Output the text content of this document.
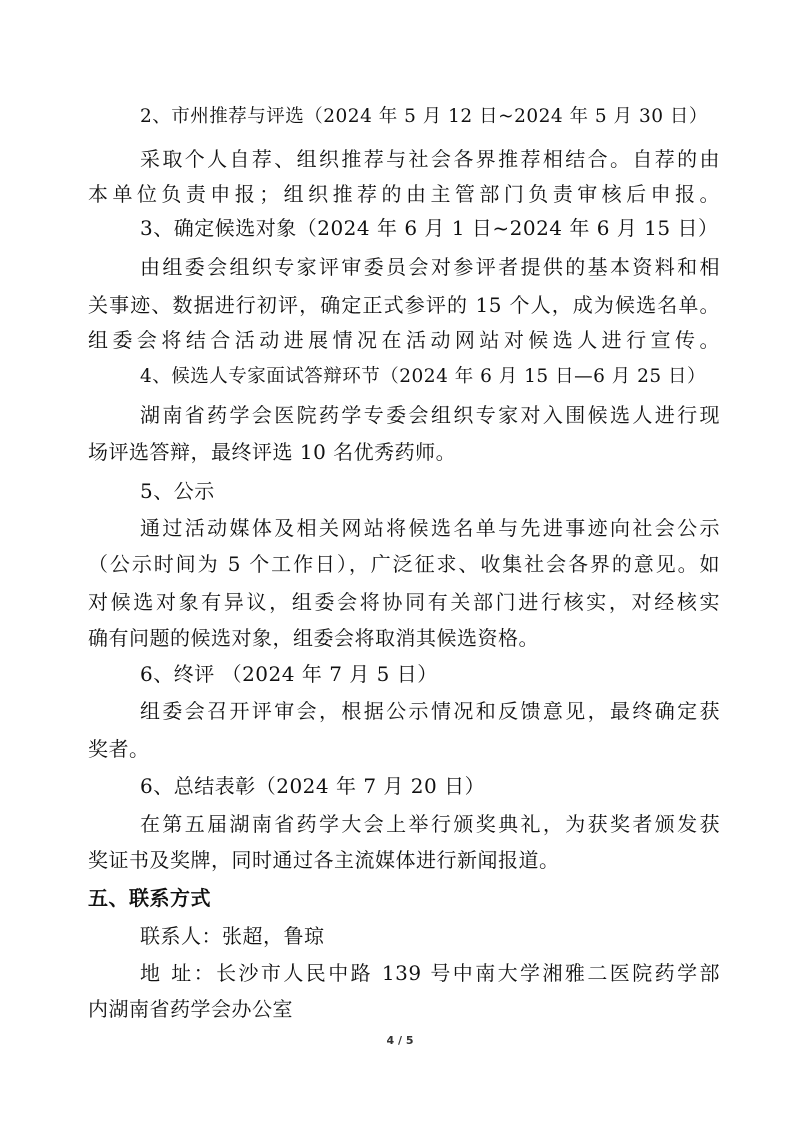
2、市州推荐与评选（2024 年 5 月 12 日~2024 年 5 月 30 日）
采取个人自荐、组织推荐与社会各界推荐相结合。自荐的由
本单位负责申报；组织推荐的由主管部门负责审核后申报。
3、确定候选对象（2024 年 6 月 1 日~2024 年 6 月 15 日）
由组委会组织专家评审委员会对参评者提供的基本资料和相
关事迹、数据进行初评，确定正式参评的 15 个人，成为候选名单。
组委会将结合活动进展情况在活动网站对候选人进行宣传。
4、候选人专家面试答辩环节（2024 年 6 月 15 日—6 月 25 日）
湖南省药学会医院药学专委会组织专家对入围候选人进行现
场评选答辩，最终评选 10 名优秀药师。
5、公示
通过活动媒体及相关网站将候选名单与先进事迹向社会公示
（公示时间为 5 个工作日），广泛征求、收集社会各界的意见。如
对候选对象有异议，组委会将协同有关部门进行核实，对经核实
确有问题的候选对象，组委会将取消其候选资格。
6、终评 （2024 年 7 月 5 日）
组委会召开评审会，根据公示情况和反馈意见，最终确定获
奖者。
6、总结表彰（2024 年 7 月 20 日）
在第五届湖南省药学大会上举行颁奖典礼，为获奖者颁发获
奖证书及奖牌，同时通过各主流媒体进行新闻报道。
五、联系方式
联系人：张超，鲁琼
地 址：长沙市人民中路 139 号中南大学湘雅二医院药学部
内湖南省药学会办公室
4 / 5
